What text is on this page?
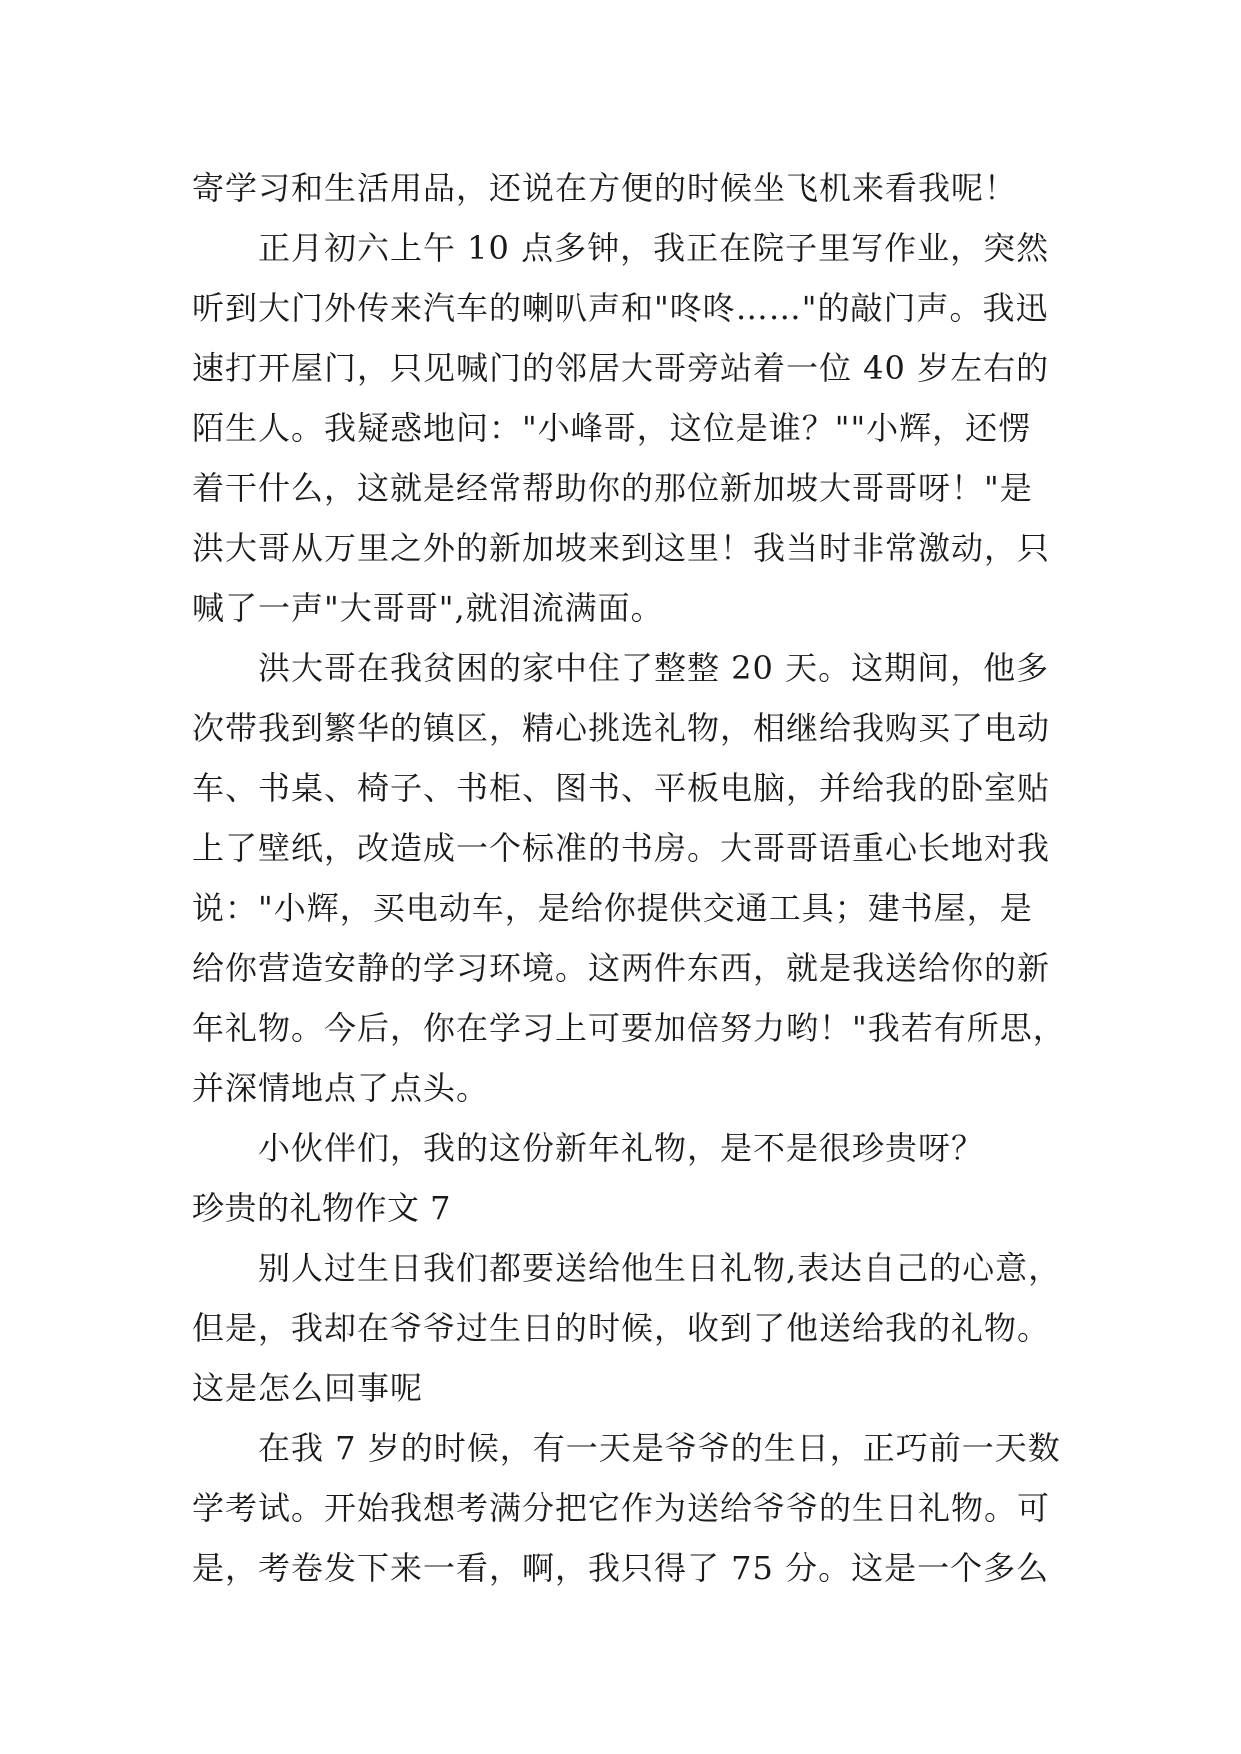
寄学习和生活用品，还说在方便的时候坐飞机来看我呢！
正月初六上午 10 点多钟，我正在院子里写作业，突然
听到大门外传来汽车的喇叭声和"咚咚……"的敲门声。我迅
速打开屋门，只见喊门的邻居大哥旁站着一位 40 岁左右的
陌生人。我疑惑地问："小峰哥，这位是谁？""小辉，还愣
着干什么，这就是经常帮助你的那位新加坡大哥哥呀！"是
洪大哥从万里之外的新加坡来到这里！我当时非常激动，只
喊了一声"大哥哥",就泪流满面。
洪大哥在我贫困的家中住了整整 20 天。这期间，他多
次带我到繁华的镇区，精心挑选礼物，相继给我购买了电动
车、书桌、椅子、书柜、图书、平板电脑，并给我的卧室贴
上了壁纸，改造成一个标准的书房。大哥哥语重心长地对我
说："小辉，买电动车，是给你提供交通工具；建书屋，是
给你营造安静的学习环境。这两件东西，就是我送给你的新
年礼物。今后，你在学习上可要加倍努力哟！"我若有所思，
并深情地点了点头。
小伙伴们，我的这份新年礼物，是不是很珍贵呀？
珍贵的礼物作文 7
别人过生日我们都要送给他生日礼物,表达自己的心意，
但是，我却在爷爷过生日的时候，收到了他送给我的礼物。
这是怎么回事呢
在我 7 岁的时候，有一天是爷爷的生日，正巧前一天数
学考试。开始我想考满分把它作为送给爷爷的生日礼物。可
是，考卷发下来一看，啊，我只得了 75 分。这是一个多么
